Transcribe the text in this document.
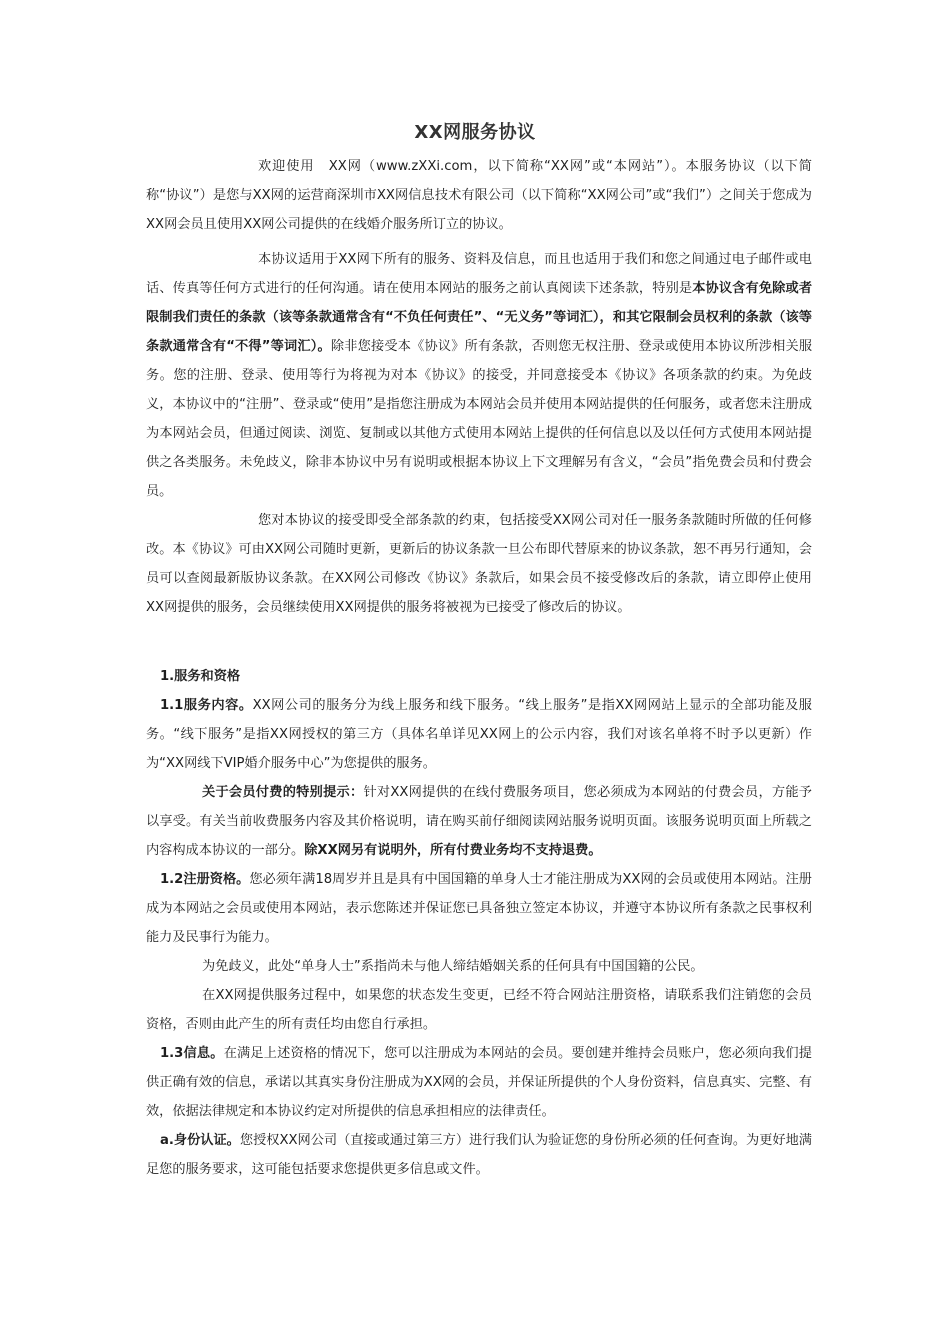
XX网服务协议

欢迎使用　XX网（www.zXXi.com，以下简称“XX网”或“本网站”）。本服务协议（以下简称“协议”）是您与XX网的运营商深圳市XX网信息技术有限公司（以下简称“XX网公司”或“我们”）之间关于您成为XX网会员且使用XX网公司提供的在线婚介服务所订立的协议。

本协议适用于XX网下所有的服务、资料及信息，而且也适用于我们和您之间通过电子邮件或电话、传真等任何方式进行的任何沟通。请在使用本网站的服务之前认真阅读下述条款，特别是本协议含有免除或者限制我们责任的条款（该等条款通常含有“不负任何责任”、“无义务”等词汇），和其它限制会员权利的条款（该等条款通常含有“不得”等词汇）。除非您接受本《协议》所有条款，否则您无权注册、登录或使用本协议所涉相关服务。您的注册、登录、使用等行为将视为对本《协议》的接受，并同意接受本《协议》各项条款的约束。为免歧义，本协议中的“注册”、登录或“使用”是指您注册成为本网站会员并使用本网站提供的任何服务，或者您未注册成为本网站会员，但通过阅读、浏览、复制或以其他方式使用本网站上提供的任何信息以及以任何方式使用本网站提供之各类服务。未免歧义，除非本协议中另有说明或根据本协议上下文理解另有含义，“会员”指免费会员和付费会员。

您对本协议的接受即受全部条款的约束，包括接受XX网公司对任一服务条款随时所做的任何修改。本《协议》可由XX网公司随时更新，更新后的协议条款一旦公布即代替原来的协议条款，恕不再另行通知，会员可以查阅最新版协议条款。在XX网公司修改《协议》条款后，如果会员不接受修改后的条款，请立即停止使用XX网提供的服务，会员继续使用XX网提供的服务将被视为已接受了修改后的协议。

1.服务和资格

1.1服务内容。XX网公司的服务分为线上服务和线下服务。“线上服务”是指XX网网站上显示的全部功能及服务。“线下服务”是指XX网授权的第三方（具体名单详见XX网上的公示内容，我们对该名单将不时予以更新）作为“XX网线下VIP婚介服务中心”为您提供的服务。

关于会员付费的特别提示：针对XX网提供的在线付费服务项目，您必须成为本网站的付费会员，方能予以享受。有关当前收费服务内容及其价格说明，请在购买前仔细阅读网站服务说明页面。该服务说明页面上所载之内容构成本协议的一部分。除XX网另有说明外，所有付费业务均不支持退费。

1.2注册资格。您必须年满18周岁并且是具有中国国籍的单身人士才能注册成为XX网的会员或使用本网站。注册成为本网站之会员或使用本网站，表示您陈述并保证您已具备独立签定本协议，并遵守本协议所有条款之民事权利能力及民事行为能力。

为免歧义，此处“单身人士”系指尚未与他人缔结婚姻关系的任何具有中国国籍的公民。

在XX网提供服务过程中，如果您的状态发生变更，已经不符合网站注册资格，请联系我们注销您的会员资格，否则由此产生的所有责任均由您自行承担。

1.3信息。在满足上述资格的情况下，您可以注册成为本网站的会员。要创建并维持会员账户，您必须向我们提供正确有效的信息，承诺以其真实身份注册成为XX网的会员，并保证所提供的个人身份资料，信息真实、完整、有效，依据法律规定和本协议约定对所提供的信息承担相应的法律责任。

a.身份认证。您授权XX网公司（直接或通过第三方）进行我们认为验证您的身份所必须的任何查询。为更好地满足您的服务要求，这可能包括要求您提供更多信息或文件。
